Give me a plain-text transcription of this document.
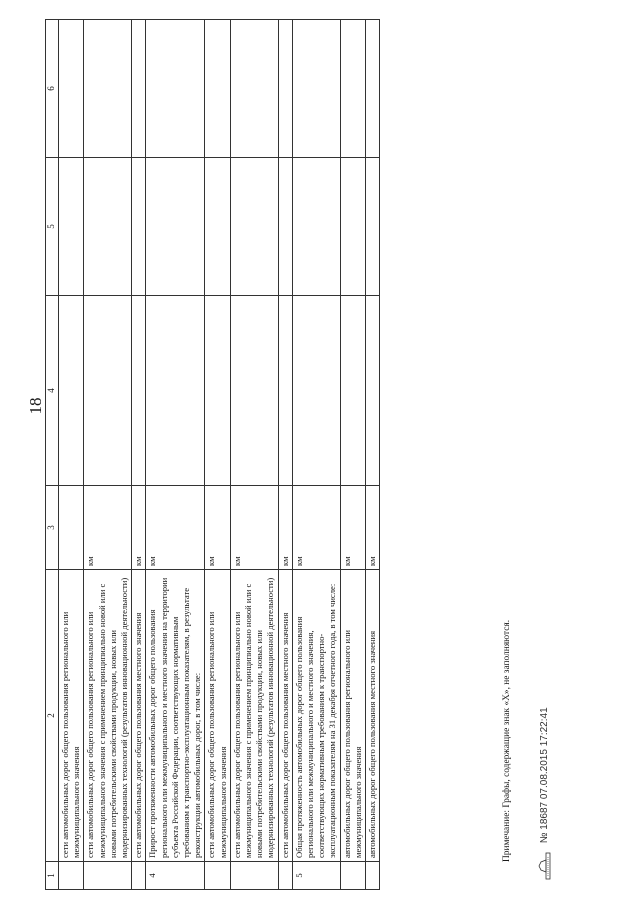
18
1	2	3	4	5	6
	сети автомобильных дорог общего пользования регионального или межмуниципального значения				
	сети автомобильных дорог общего пользования регионального или межмуниципального значения с применением принципиально новой или с новыми потребительскими свойствами продукции, новых или модернизированных технологий (результатов инновационной деятельности)	км			
	сети автомобильных дорог общего пользования местного значения	км			
4	Прирост протяженности автомобильных дорог общего пользования регионального или межмуниципального и местного значения на территории субъекта Российской Федерации, соответствующих нормативным требованиям к транспортно-эксплуатационным показателям, в результате реконструкции автомобильных дорог, в том числе:	км			
	сети автомобильных дорог общего пользования регионального или межмуниципального значения	км			
	сети автомобильных дорог общего пользования регионального или межмуниципального значения с применением принципиально новой или с новыми потребительскими свойствами продукции, новых или модернизированных технологий (результатов инновационной деятельности)	км			
	сети автомобильных дорог общего пользования местного значения	км			
5	Общая протяженность автомобильных дорог общего пользования регионального или межмуниципального и местного значения, соответствующих нормативным требованиям к транспортно-эксплуатационным показателям на 31 декабря отчетного года, в том числе:	км			
	автомобильных дорог общего пользования регионального или межмуниципального значения	км			
	автомобильных дорог общего пользования местного значения	км			
Примечание: Графы, содержащие знак «Х», не заполняются.	№ 18687 07.08.2015 17:22:41
